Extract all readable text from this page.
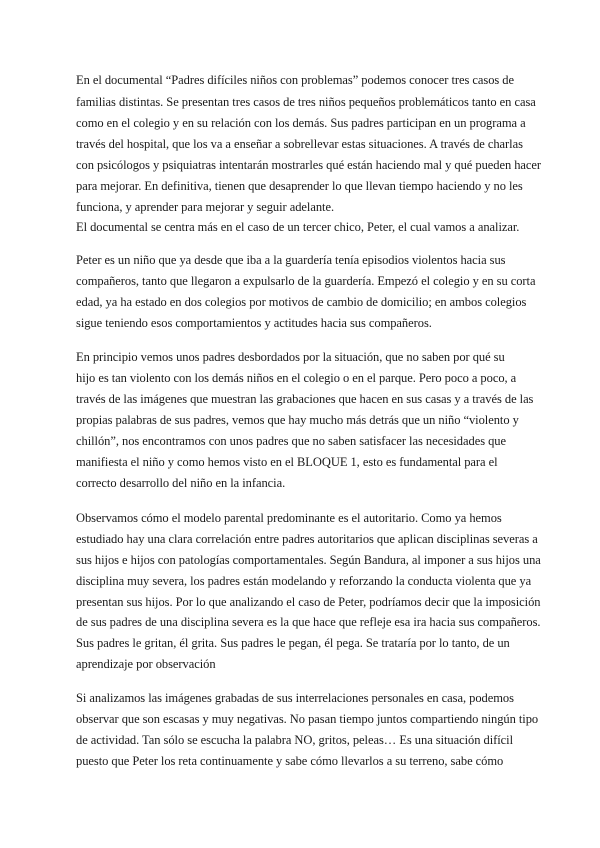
En el documental “Padres difíciles niños con problemas” podemos conocer tres casos de

familias distintas. Se presentan tres casos de tres niños pequeños problemáticos tanto en casa

como en el colegio y en su relación con los demás. Sus padres participan en un programa a

través del hospital, que los va a enseñar a sobrellevar estas situaciones. A través de charlas

con psicólogos y psiquiatras intentarán mostrarles qué están haciendo mal y qué pueden hacer

para mejorar. En definitiva, tienen que desaprender lo que llevan tiempo haciendo y no les

funciona, y aprender para mejorar y seguir adelante.

El documental se centra más en el caso de un tercer chico, Peter, el cual vamos a analizar.

Peter es un niño que ya desde que iba a la guardería tenía episodios violentos hacia sus

compañeros, tanto que llegaron a expulsarlo de la guardería. Empezó el colegio y en su corta

edad, ya ha estado en dos colegios por motivos de cambio de domicilio; en ambos colegios

sigue teniendo esos comportamientos y actitudes hacia sus compañeros.

En principio vemos unos padres desbordados por la situación, que no saben por qué su

hijo es tan violento con los demás niños en el colegio o en el parque. Pero poco a poco, a

través de las imágenes que muestran las grabaciones que hacen en sus casas y a través de las

propias palabras de sus padres, vemos que hay mucho más detrás que un niño “violento y

chillón”, nos encontramos con unos padres que no saben satisfacer las necesidades que

manifiesta el niño y como hemos visto en el BLOQUE 1, esto es fundamental para el

correcto desarrollo del niño en la infancia.

Observamos cómo el modelo parental predominante es el autoritario. Como ya hemos

estudiado hay una clara correlación entre padres autoritarios que aplican disciplinas severas a

sus hijos e hijos con patologías comportamentales. Según Bandura, al imponer a sus hijos una

disciplina muy severa, los padres están modelando y reforzando la conducta violenta que ya

presentan sus hijos. Por lo que analizando el caso de Peter, podríamos decir que la imposición

de sus padres de una disciplina severa es la que hace que refleje esa ira hacia sus compañeros.

Sus padres le gritan, él grita. Sus padres le pegan, él pega. Se trataría por lo tanto, de un

aprendizaje por observación

Si analizamos las imágenes grabadas de sus interrelaciones personales en casa, podemos

observar que son escasas y muy negativas. No pasan tiempo juntos compartiendo ningún tipo

de actividad. Tan sólo se escucha la palabra NO, gritos, peleas… Es una situación difícil

puesto que Peter los reta continuamente y sabe cómo llevarlos a su terreno, sabe cómo
